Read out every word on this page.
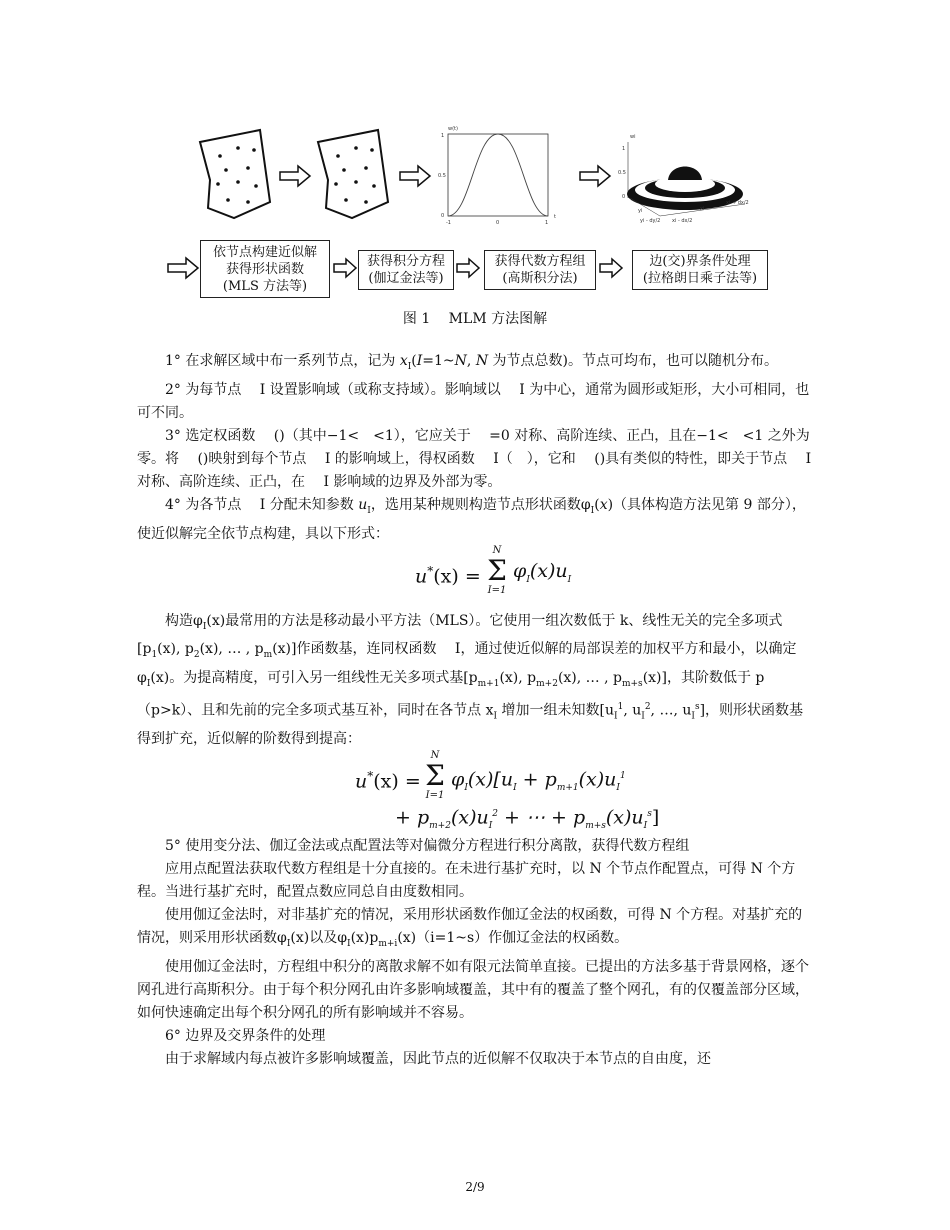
w(t)
1
0.5
0
-1	0	1
t
wi
1
0.5
0
yi	xi
xi + dx/2
yi - dy/2 xi - dx/2
依节点构建近似解
获得形状函数
(MLS 方法等)
获得积分方程
(伽辽金法等)
获得代数方程组
(高斯积分法)
边(交)界条件处理
(拉格朗日乘子法等)
图 1 　MLM 方法图解

1° 在求解区域中布一系列节点，记为 $x_I(I=1\sim N$, N 为节点总数)。节点可均布，也可以随机分布。

2° 为每节点 　I 设置影响域（或称支持域）。影响域以 　I 为中心，通常为圆形或矩形，大小可相同，也可不同。

3° 选定权函数 　()（其中−1<　<1），它应关于 　=0 对称、高阶连续、正凸，且在−1<　<1 之外为零。将 　()映射到每个节点 　I 的影响域上，得权函数 　I（　），它和 　()具有类似的特性，即关于节点 　I 对称、高阶连续、正凸，在 　I 影响域的边界及外部为零。

4° 为各节点 　I 分配未知参数 $u_I$，选用某种规则构造节点形状函数$\varphi_I(x)$（具体构造方法见第 9 部分），使近似解完全依节点构建，具以下形式：

u*(x) =
N
Σ
I=1
$\varphi_I(x)u_I$

构造$\varphi_I(x)$最常用的方法是移动最小平方法（MLS）。它使用一组次数低于 k、线性无关的完全多项式[$p_1(x)$, $p_2(x)$, … , $p_m(x)$]作函数基，连同权函数 　I，通过使近似解的局部误差的加权平方和最小，以确定$\varphi_I(x)$。为提高精度，可引入另一组线性无关多项式基[$p_{m+1}(x)$, $p_{m+2}(x)$, … , $p_{m+s}(x)$]，其阶数低于 p（p>k）、且和先前的完全多项式基互补，同时在各节点 $x_I$ 增加一组未知数[$u_I^1$, $u_I^2$, …, $u_I^s$]，则形状函数基得到扩充，近似解的阶数得到提高：

u*(x) =
N
Σ
I=1
$\varphi_I(x)[u_I + p_{m+1}(x)u_I^1$
+ $p_{m+2}(x)u_I^2$ + ⋯ + $p_{m+s}(x)u_I^s$]

5° 使用变分法、伽辽金法或点配置法等对偏微分方程进行积分离散，获得代数方程组

应用点配置法获取代数方程组是十分直接的。在未进行基扩充时，以 N 个节点作配置点，可得 N 个方程。当进行基扩充时，配置点数应同总自由度数相同。

使用伽辽金法时，对非基扩充的情况，采用形状函数作伽辽金法的权函数，可得 N 个方程。对基扩充的情况，则采用形状函数$\varphi_I(x)$以及$\varphi_I(x)p_{m+i}(x)(i=1\sim s)$作伽辽金法的权函数。

使用伽辽金法时，方程组中积分的离散求解不如有限元法简单直接。已提出的方法多基于背景网格，逐个网孔进行高斯积分。由于每个积分网孔由许多影响域覆盖，其中有的覆盖了整个网孔，有的仅覆盖部分区域，如何快速确定出每个积分网孔的所有影响域并不容易。

6° 边界及交界条件的处理

由于求解域内每点被许多影响域覆盖，因此节点的近似解不仅取决于本节点的自由度，还

2/9
